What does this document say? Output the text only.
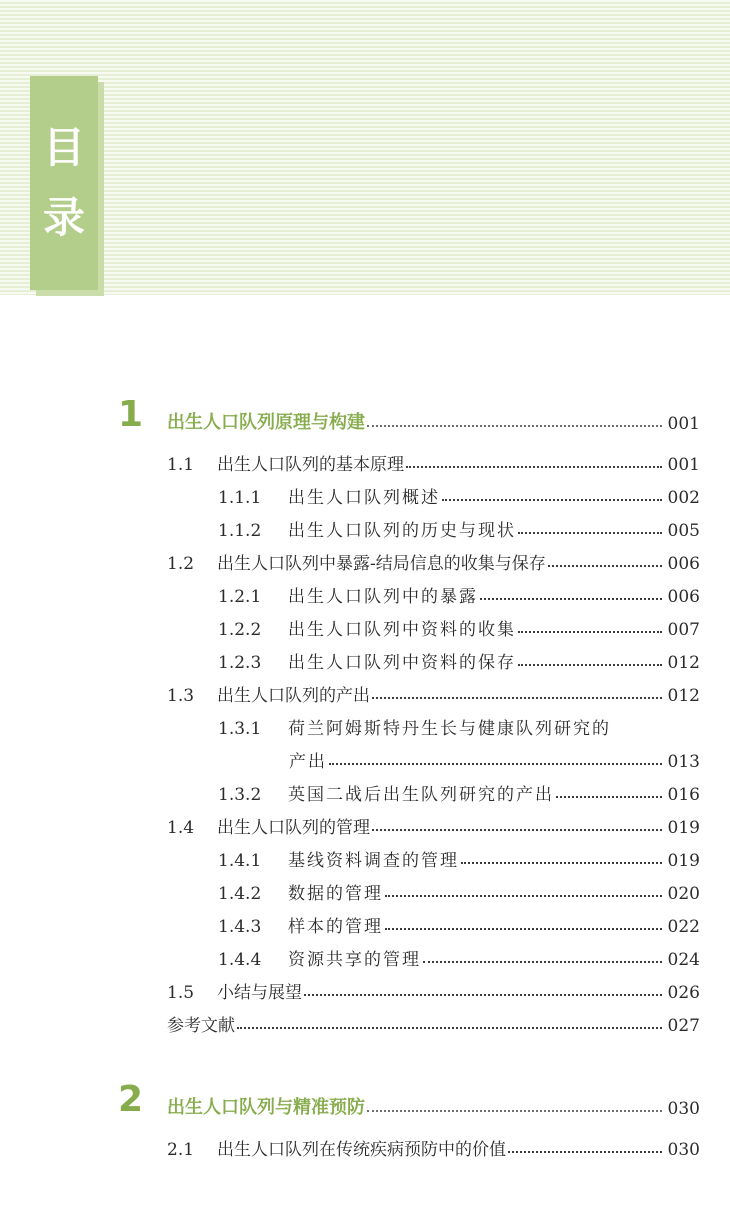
目
录
1	出生人口队列原理与构建	001
1.1	出生人口队列的基本原理	001
1.1.1	出生人口队列概述	002
1.1.2	出生人口队列的历史与现状	005
1.2	出生人口队列中暴露-结局信息的收集与保存	006
1.2.1	出生人口队列中的暴露	006
1.2.2	出生人口队列中资料的收集	007
1.2.3	出生人口队列中资料的保存	012
1.3	出生人口队列的产出	012
1.3.1	荷兰阿姆斯特丹生长与健康队列研究的
产出	013
1.3.2	英国二战后出生队列研究的产出	016
1.4	出生人口队列的管理	019
1.4.1	基线资料调查的管理	019
1.4.2	数据的管理	020
1.4.3	样本的管理	022
1.4.4	资源共享的管理	024
1.5	小结与展望	026
参考文献	027
2	出生人口队列与精准预防	030
2.1	出生人口队列在传统疾病预防中的价值	030
